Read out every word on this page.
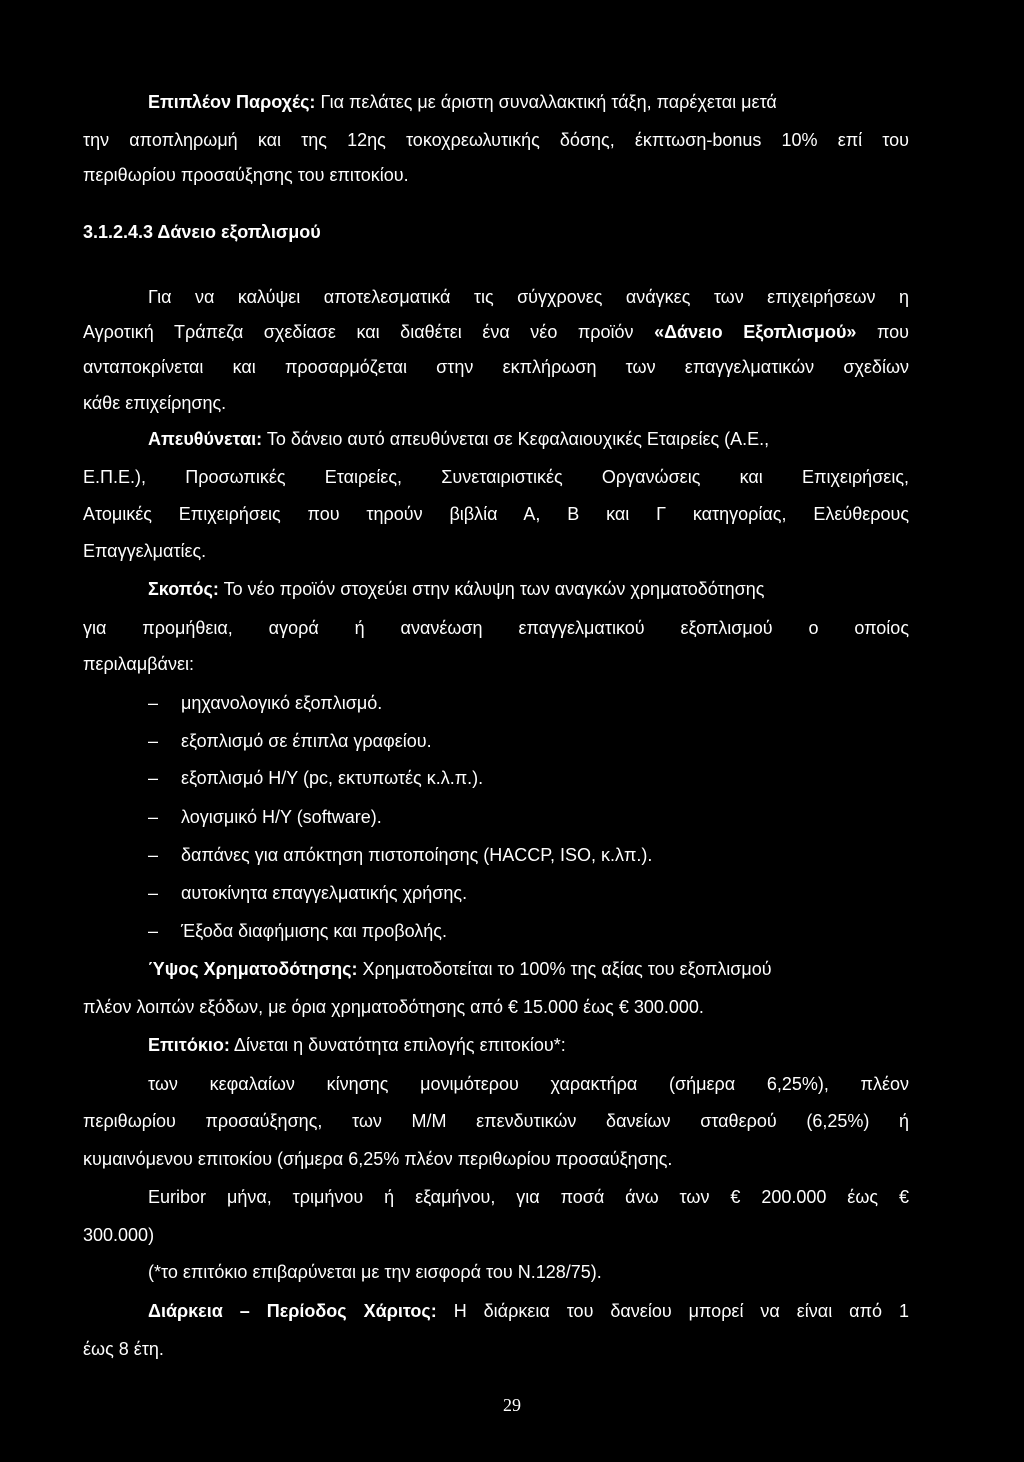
Επιπλέον Παροχές: Για πελάτες με άριστη συναλλακτική τάξη, παρέχεται μετά
την αποπληρωμή και της 12ης τοκοχρεωλυτικής δόσης, έκπτωση-bonus 10% επί του
περιθωρίου προσαύξησης του επιτοκίου.
3.1.2.4.3 Δάνειο εξοπλισμού
Για να καλύψει αποτελεσματικά τις σύγχρονες ανάγκες των επιχειρήσεων η
Αγροτική Τράπεζα σχεδίασε και διαθέτει ένα νέο προϊόν «Δάνειο Εξοπλισμού» που
ανταποκρίνεται και προσαρμόζεται στην εκπλήρωση των επαγγελματικών σχεδίων
κάθε επιχείρησης.
Απευθύνεται: Το δάνειο αυτό απευθύνεται σε Κεφαλαιουχικές Εταιρείες (Α.Ε.,
Ε.Π.Ε.), Προσωπικές Εταιρείες, Συνεταιριστικές Οργανώσεις και Επιχειρήσεις,
Ατομικές Επιχειρήσεις που τηρούν βιβλία Α, Β και Γ κατηγορίας, Ελεύθερους
Επαγγελματίες.
Σκοπός: Το νέο προϊόν στοχεύει στην κάλυψη των αναγκών χρηματοδότησης
για προμήθεια, αγορά ή ανανέωση επαγγελματικού εξοπλισμού ο οποίος
περιλαμβάνει:
– μηχανολογικό εξοπλισμό.
– εξοπλισμό σε έπιπλα γραφείου.
– εξοπλισμό Η/Υ (pc, εκτυπωτές κ.λ.π.).
– λογισμικό Η/Υ (software).
– δαπάνες για απόκτηση πιστοποίησης (HACCP, ISO, κ.λπ.).
– αυτοκίνητα επαγγελματικής χρήσης.
– Έξοδα διαφήμισης και προβολής.
Ύψος Χρηματοδότησης: Χρηματοδοτείται το 100% της αξίας του εξοπλισμού
πλέον λοιπών εξόδων, με όρια χρηματοδότησης από € 15.000 έως € 300.000.
Επιτόκιο: Δίνεται η δυνατότητα επιλογής επιτοκίου*:
των κεφαλαίων κίνησης μονιμότερου χαρακτήρα (σήμερα 6,25%), πλέον
περιθωρίου προσαύξησης, των Μ/Μ επενδυτικών δανείων σταθερού (6,25%) ή
κυμαινόμενου επιτοκίου (σήμερα 6,25% πλέον περιθωρίου προσαύξησης.
Euribor μήνα, τριμήνου ή εξαμήνου, για ποσά άνω των € 200.000 έως €
300.000)
(*το επιτόκιο επιβαρύνεται με την εισφορά του Ν.128/75).
Διάρκεια – Περίοδος Χάριτος: Η διάρκεια του δανείου μπορεί να είναι από 1
έως 8 έτη.
29
